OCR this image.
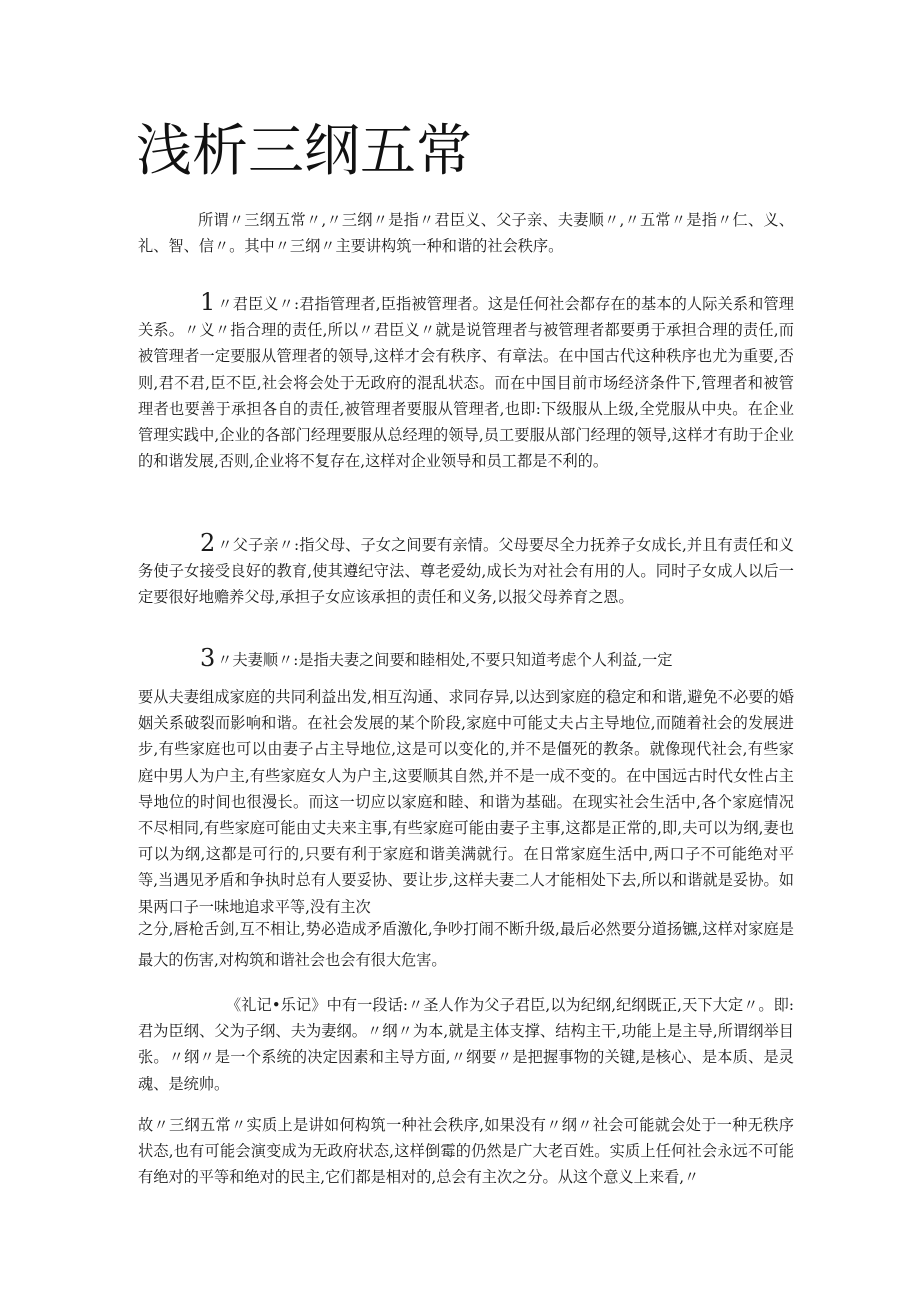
浅析三纲五常

所谓〃三纲五常〃,〃三纲〃是指〃君臣义、父子亲、夫妻顺〃,〃五常〃是指〃仁、义、礼、智、信〃。其中〃三纲〃主要讲构筑一种和谐的社会秩序。

1 〃君臣义〃:君指管理者,臣指被管理者。这是任何社会都存在的基本的人际关系和管理关系。〃义〃指合理的责任,所以〃君臣义〃就是说管理者与被管理者都要勇于承担合理的责任,而被管理者一定要服从管理者的领导,这样才会有秩序、有章法。在中国古代这种秩序也尤为重要,否则,君不君,臣不臣,社会将会处于无政府的混乱状态。而在中国目前市场经济条件下,管理者和被管理者也要善于承担各自的责任,被管理者要服从管理者,也即:下级服从上级,全党服从中央。在企业管理实践中,企业的各部门经理要服从总经理的领导,员工要服从部门经理的领导,这样才有助于企业的和谐发展,否则,企业将不复存在,这样对企业领导和员工都是不利的。

2 〃父子亲〃:指父母、子女之间要有亲情。父母要尽全力抚养子女成长,并且有责任和义务使子女接受良好的教育,使其遵纪守法、尊老爱幼,成长为对社会有用的人。同时子女成人以后一定要很好地赡养父母,承担子女应该承担的责任和义务,以报父母养育之恩。

3 〃夫妻顺〃:是指夫妻之间要和睦相处,不要只知道考虑个人利益,一定

要从夫妻组成家庭的共同利益出发,相互沟通、求同存异,以达到家庭的稳定和和谐,避免不必要的婚姻关系破裂而影响和谐。在社会发展的某个阶段,家庭中可能丈夫占主导地位,而随着社会的发展进步,有些家庭也可以由妻子占主导地位,这是可以变化的,并不是僵死的教条。就像现代社会,有些家庭中男人为户主,有些家庭女人为户主,这要顺其自然,并不是一成不变的。在中国远古时代女性占主导地位的时间也很漫长。而这一切应以家庭和睦、和谐为基础。在现实社会生活中,各个家庭情况不尽相同,有些家庭可能由丈夫来主事,有些家庭可能由妻子主事,这都是正常的,即,夫可以为纲,妻也可以为纲,这都是可行的,只要有利于家庭和谐美满就行。在日常家庭生活中,两口子不可能绝对平等,当遇见矛盾和争执时总有人要妥协、要让步,这样夫妻二人才能相处下去,所以和谐就是妥协。如果两口子一味地追求平等,没有主次

之分,唇枪舌剑,互不相让,势必造成矛盾激化,争吵打闹不断升级,最后必然要分道扬镳,这样对家庭是最大的伤害,对构筑和谐社会也会有很大危害。

《礼记•乐记》中有一段话:〃圣人作为父子君臣,以为纪纲,纪纲既正,天下大定〃。即:君为臣纲、父为子纲、夫为妻纲。〃纲〃为本,就是主体支撑、结构主干,功能上是主导,所谓纲举目张。〃纲〃是一个系统的决定因素和主导方面,〃纲要〃是把握事物的关键,是核心、是本质、是灵魂、是统帅。

故〃三纲五常〃实质上是讲如何构筑一种社会秩序,如果没有〃纲〃社会可能就会处于一种无秩序状态,也有可能会演变成为无政府状态,这样倒霉的仍然是广大老百姓。实质上任何社会永远不可能有绝对的平等和绝对的民主,它们都是相对的,总会有主次之分。从这个意义上来看,〃
